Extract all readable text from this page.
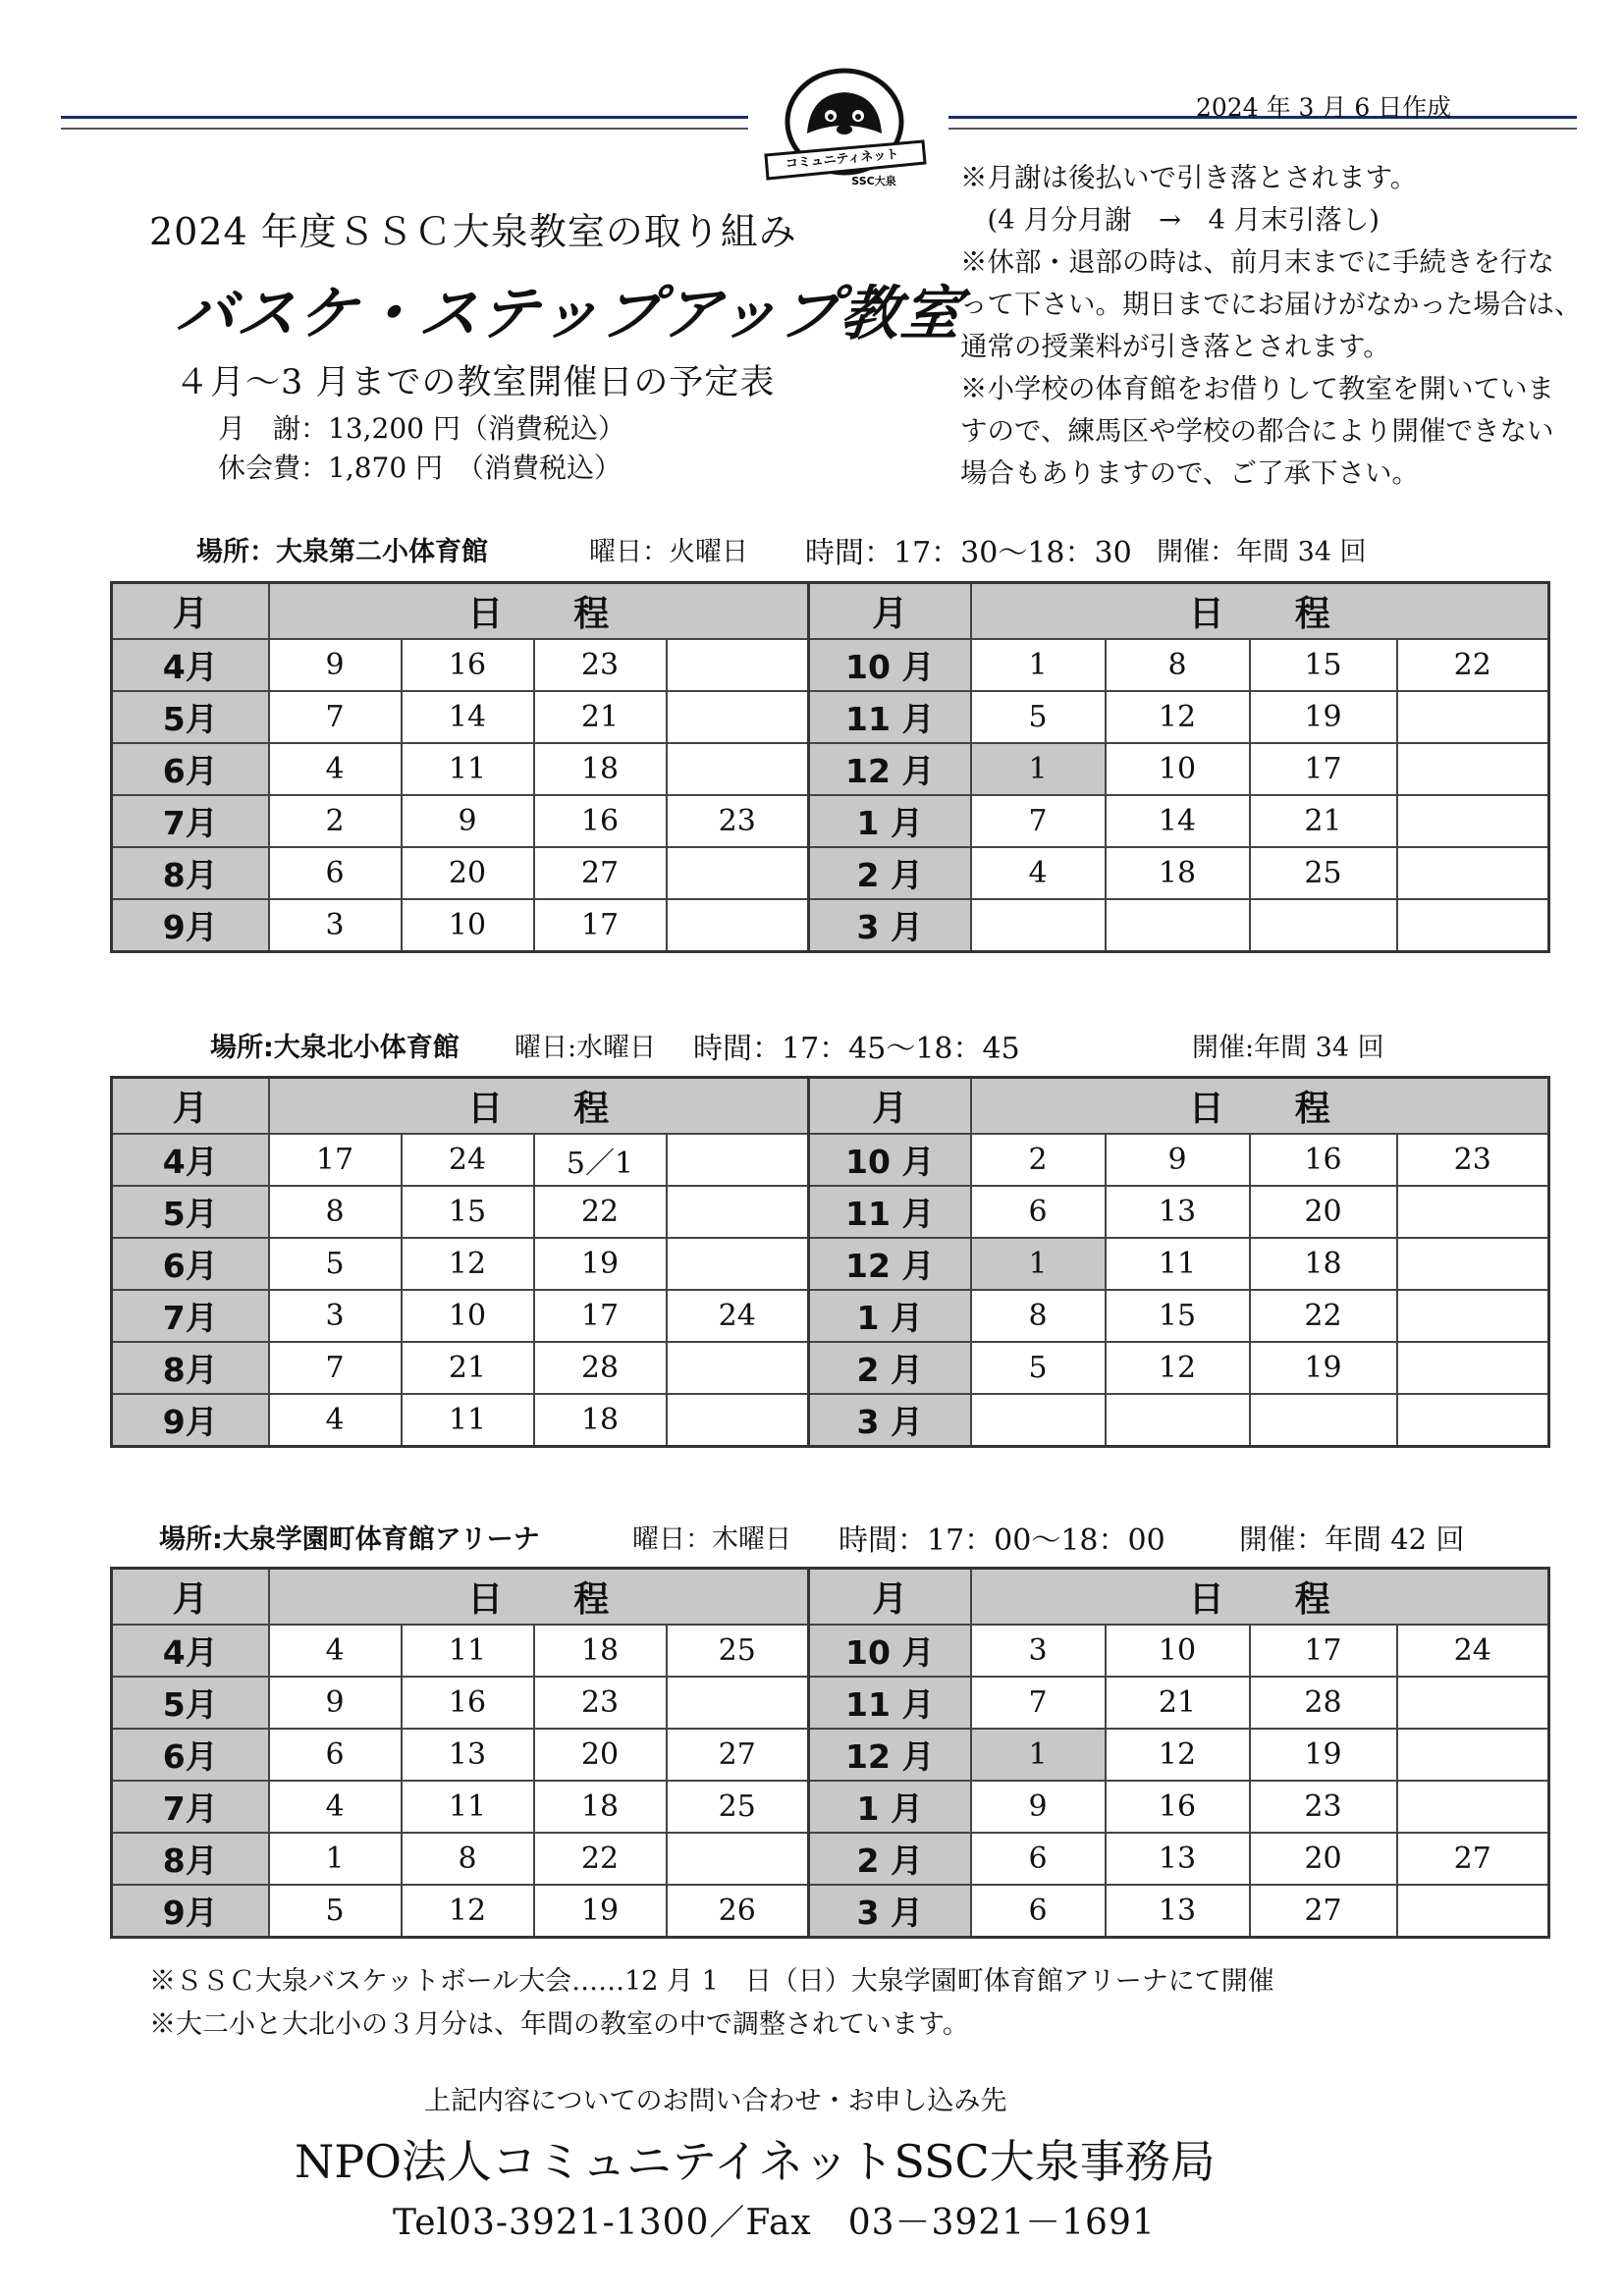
2024 年 3 月 6 日作成
コミュニティネット
SSC大泉
2024 年度ＳＳＣ大泉教室の取り組み
バスケ・ステップアップ教室
４月～3 月までの教室開催日の予定表
月　謝：13,200 円（消費税込）
休会費：1,870 円　（消費税込）
※月謝は後払いで引き落とされます。
　(4 月分月謝　→　4 月末引落し)
※休部・退部の時は、前月末までに手続きを行な
って下さい。期日までにお届けがなかった場合は、
通常の授業料が引き落とされます。
※小学校の体育館をお借りして教室を開いていま
すので、練馬区や学校の都合により開催できない
場合もありますので、ご了承下さい。
場所：大泉第二小体育館	曜日：火曜日 時間：17：30～18：30 開催：年間 34 回
月	日　　程				月	日　　程			
4月	9	16	23		10 月	1	8	15	22
5月	7	14	21		11 月	5	12	19	
6月	4	11	18		12 月	1	10	17	
7月	2	9	16	23	1 月	7	14	21	
8月	6	20	27		2 月	4	18	25	
9月	3	10	17		3 月				
場所:大泉北小体育館 曜日:水曜日 時間：17：45～18：45	開催:年間 34 回
月	日　　程				月	日　　程			
4月	17	24	5／1		10 月	2	9	16	23
5月	8	15	22		11 月	6	13	20	
6月	5	12	19		12 月	1	11	18	
7月	3	10	17	24	1 月	8	15	22	
8月	7	21	28		2 月	5	12	19	
9月	4	11	18		3 月				
場所:大泉学園町体育館アリーナ	曜日：木曜日 時間：17：00～18：00	開催：年間 42 回
月	日　　程				月	日　　程			
4月	4	11	18	25	10 月	3	10	17	24
5月	9	16	23		11 月	7	21	28	
6月	6	13	20	27	12 月	1	12	19	
7月	4	11	18	25	1 月	9	16	23	
8月	1	8	22		2 月	6	13	20	27
9月	5	12	19	26	3 月	6	13	27	
※ＳＳＣ大泉バスケットボール大会……12 月 1　日（日）大泉学園町体育館アリーナにて開催
※大二小と大北小の３月分は、年間の教室の中で調整されています。
上記内容についてのお問い合わせ・お申し込み先
NPO法人コミュニテイネットSSC大泉事務局
Tel03-3921-1300／Fax　03－3921－1691
